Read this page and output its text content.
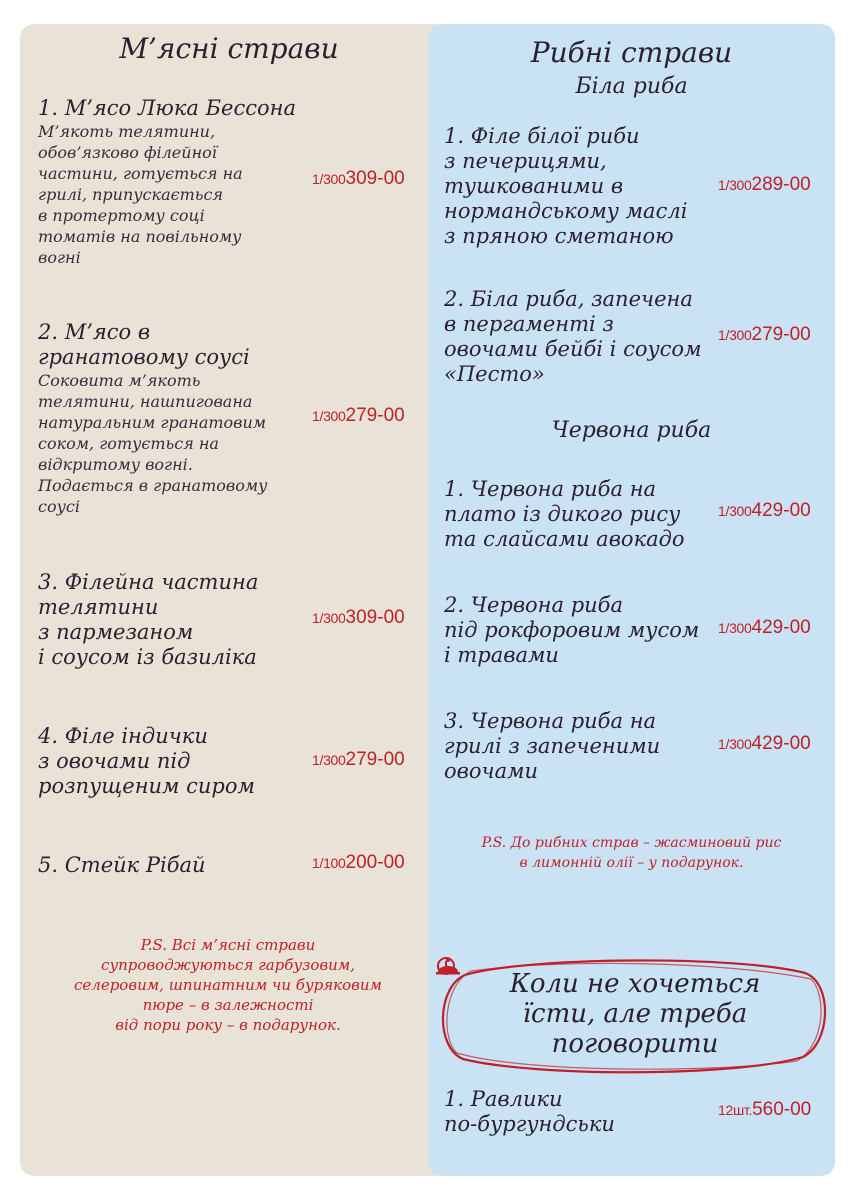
М’ясні страви
1. М’ясо Люка Бессона
М’якоть телятини,
обов’язково філейної
частини, готується на
грилі, припускається
в протертому соці
томатів на повільному
вогні
1/300309-00
2. М’ясо в
гранатовому соусі
Соковита м’якоть
телятини, нашпигована
натуральним гранатовим
соком, готується на
відкритому вогні.
Подається в гранатовому
соусі
1/300279-00
3. Філейна частина
телятини
з пармезаном
і соусом із базиліка
1/300309-00
4. Філе індички
з овочами під
розпущеним сиром
1/300279-00
5. Стейк Рібай	1/100200-00
P.S. Всі м’ясні страви
супроводжуються гарбузовим,
селеровим, шпинатним чи буряковим
пюре – в залежності
від пори року – в подарунок.
Рибні страви
Біла риба
1. Філе білої риби
з печерицями,
тушкованими в
нормандському маслі
з пряною сметаною
1/300289-00
2. Біла риба, запечена
в пергаменті з
овочами бейбі і соусом
«Песто»
1/300279-00
Червона риба
1. Червона риба на
плато із дикого рису
та слайсами авокадо
1/300429-00
2. Червона риба
під рокфоровим мусом
і травами
1/300429-00
3. Червона риба на
грилі з запеченими
овочами
1/300429-00
P.S. До рибних страв – жасминовий рис
в лимонній олії – у подарунок.
Коли не хочеться
їсти, але треба
поговорити
1. Равлики
по-бургундськи
12шт.560-00
